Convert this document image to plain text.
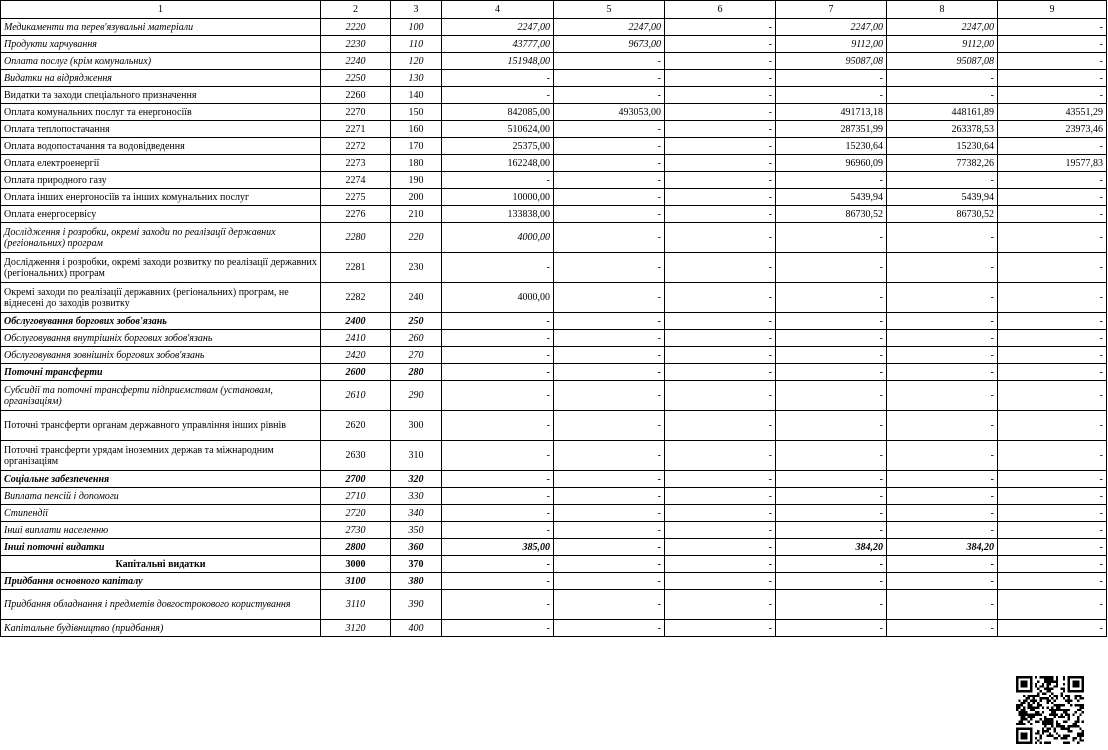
1	2	3	4	5	6	7	8	9
Медикаменти та перев'язувальні матеріали	2220	100	2247,00	2247,00	-	2247,00	2247,00	-
Продукти харчування	2230	110	43777,00	9673,00	-	9112,00	9112,00	-
Оплата послуг (крім комунальних)	2240	120	151948,00	-	-	95087,08	95087,08	-
Видатки на відрядження	2250	130	-	-	-	-	-	-
Видатки та заходи спеціального призначення	2260	140	-	-	-	-	-	-
Оплата комунальних послуг та енергоносіїв	2270	150	842085,00	493053,00	-	491713,18	448161,89	43551,29
Оплата теплопостачання	2271	160	510624,00	-	-	287351,99	263378,53	23973,46
Оплата водопостачання та водовідведення	2272	170	25375,00	-	-	15230,64	15230,64	-
Оплата електроенергії	2273	180	162248,00	-	-	96960,09	77382,26	19577,83
Оплата природного газу	2274	190	-	-	-	-	-	-
Оплата інших енергоносіїв та інших комунальних послуг	2275	200	10000,00	-	-	5439,94	5439,94	-
Оплата енергосервісу	2276	210	133838,00	-	-	86730,52	86730,52	-
Дослідження і розробки, окремі заходи по реалізації державних (регіональних) програм	2280	220	4000,00	-	-	-	-	-
Дослідження і розробки, окремі заходи розвитку по реалізації державних (регіональних) програм	2281	230	-	-	-	-	-	-
Окремі заходи по реалізації державних (регіональних) програм, не віднесені до заходів розвитку	2282	240	4000,00	-	-	-	-	-
Обслуговування боргових зобов'язань	2400	250	-	-	-	-	-	-
Обслуговування внутрішніх боргових зобов'язань	2410	260	-	-	-	-	-	-
Обслуговування зовнішніх боргових зобов'язань	2420	270	-	-	-	-	-	-
Поточні трансферти	2600	280	-	-	-	-	-	-
Субсидії та поточні трансферти підприємствам (установам, організаціям)	2610	290	-	-	-	-	-	-
Поточні трансферти органам державного управління інших рівнів	2620	300	-	-	-	-	-	-
Поточні трансферти урядам іноземних держав та міжнародним організаціям	2630	310	-	-	-	-	-	-
Соціальне забезпечення	2700	320	-	-	-	-	-	-
Виплата пенсій і допомоги	2710	330	-	-	-	-	-	-
Стипендії	2720	340	-	-	-	-	-	-
Інші виплати населенню	2730	350	-	-	-	-	-	-
Інші поточні видатки	2800	360	385,00	-	-	384,20	384,20	-
Капітальні видатки	3000	370	-	-	-	-	-	-
Придбання основного капіталу	3100	380	-	-	-	-	-	-
Придбання обладнання і предметів довгострокового користування	3110	390	-	-	-	-	-	-
Капітальне будівництво (придбання)	3120	400	-	-	-	-	-	-
